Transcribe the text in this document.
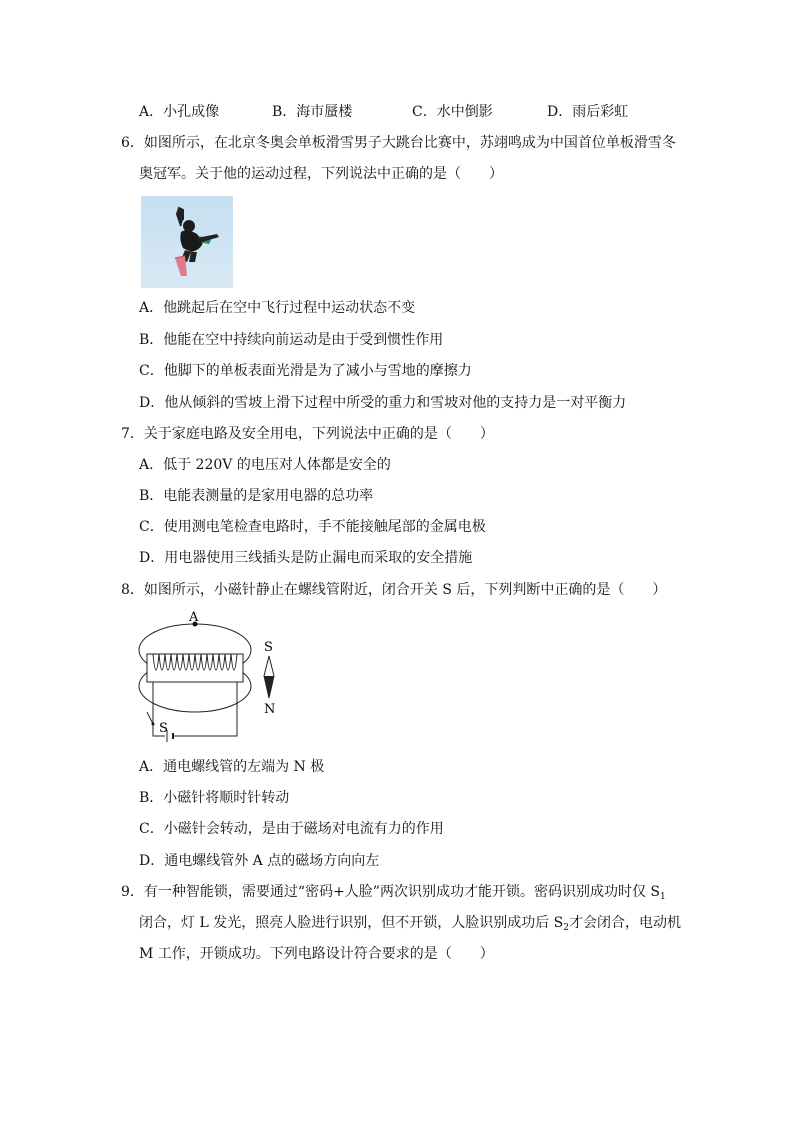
A．小孔成像	B．海市蜃楼	C．水中倒影	D．雨后彩虹
6．如图所示，在北京冬奥会单板滑雪男子大跳台比赛中，苏翊鸣成为中国首位单板滑雪冬
奥冠军。关于他的运动过程，下列说法中正确的是（　　）
A．他跳起后在空中飞行过程中运动状态不变
B．他能在空中持续向前运动是由于受到惯性作用
C．他脚下的单板表面光滑是为了减小与雪地的摩擦力
D．他从倾斜的雪坡上滑下过程中所受的重力和雪坡对他的支持力是一对平衡力
7．关于家庭电路及安全用电，下列说法中正确的是（　　）
A．低于 220V 的电压对人体都是安全的
B．电能表测量的是家用电器的总功率
C．使用测电笔检查电路时，手不能接触尾部的金属电极
D．用电器使用三线插头是防止漏电而采取的安全措施
8．如图所示，小磁针静止在螺线管附近，闭合开关 S 后，下列判断中正确的是（　　）
A
S
S
N
A．通电螺线管的左端为 N 极
B．小磁针将顺时针转动
C．小磁针会转动，是由于磁场对电流有力的作用
D．通电螺线管外 A 点的磁场方向向左
9．有一种智能锁，需要通过“密码+人脸”两次识别成功才能开锁。密码识别成功时仅 $S_1$
闭合，灯 L 发光，照亮人脸进行识别，但不开锁，人脸识别成功后 $S_2$才会闭合，电动机
M 工作，开锁成功。下列电路设计符合要求的是（　　）
